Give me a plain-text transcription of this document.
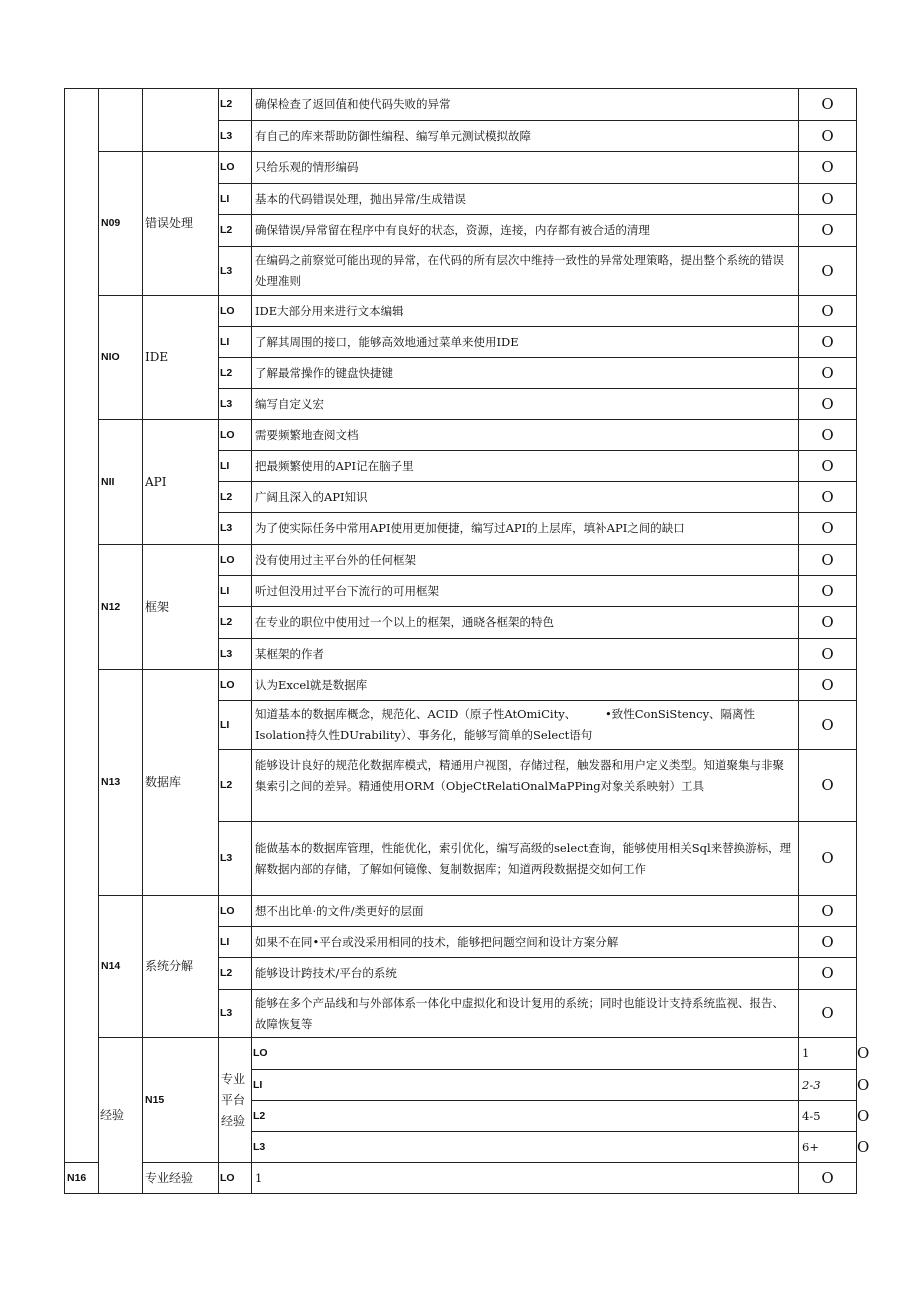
			L2	确保检查了返回值和使代码失败的异常	O	
			L3	有自己的库来帮助防御性编程、编写单元测试模拟故障	O	
	N09	错误处理	LO	只给乐观的情形编码	O	
			LI	基本的代码错误处理，抛出异常/生成错误	O	
			L2	确保错误/异常留在程序中有良好的状态，资源，连接，内存都有被合适的清理	O	
			L3	在编码之前察觉可能出现的异常，在代码的所有层次中维持一致性的异常处理策略，提出整个系统的错误处理准则	O	
	NIO	IDE	LO	IDE大部分用来进行文本编辑	O	
			LI	了解其周围的接口，能够高效地通过菜单来使用IDE	O	
			L2	了解最常操作的键盘快捷键	O	
			L3	编写自定义宏	O	
	NII	API	LO	需要频繁地查阅文档	O	
			LI	把最频繁使用的API记在脑子里	O	
			L2	广阔且深入的API知识	O	
			L3	为了使实际任务中常用API使用更加便捷，编写过API的上层库，填补API之间的缺口	O	
	N12	框架	LO	没有使用过主平台外的任何框架	O	
			LI	听过但没用过平台下流行的可用框架	O	
			L2	在专业的职位中使用过一个以上的框架，通晓各框架的特色	O	
			L3	某框架的作者	O	
	N13	数据库	LO	认为Excel就是数据库	O	
			LI	知道基本的数据库概念，规范化、ACID（原子性AtOmiCity、　　　•致性ConSiStency、隔离性Isolation持久性DUrability）、事务化，能够写简单的Select语句	O	
			L2	能够设计良好的规范化数据库模式，精通用户视图，存储过程，触发器和用户定义类型。知道聚集与非聚集索引之间的差异。精通使用ORM（ObjeCtRelatiOnalMaPPing对象关系映射）工具	O	
			L3	能做基本的数据库管理，性能优化，索引优化，编写高级的select查询，能够使用相关Sql来替换游标，理解数据内部的存储，了解如何镜像、复制数据库；知道两段数据提交如何工作	O	
	N14	系统分解	LO	想不出比单·的文件/类更好的层面	O	
			LI	如果不在同•平台或没采用相同的技术，能够把问题空间和设计方案分解	O	
			L2	能够设计跨技术/平台的系统	O	
			L3	能够在多个产品线和与外部体系一体化中虚拟化和设计复用的系统；同时也能设计支持系统监视、报告、故障恢复等	O	
	经验	N15	专业平台经验	LO	1	O
				LI	2-3	O
				L2	4-5	O
				L3	6+	O
N16		专业经验	LO	1	O	
